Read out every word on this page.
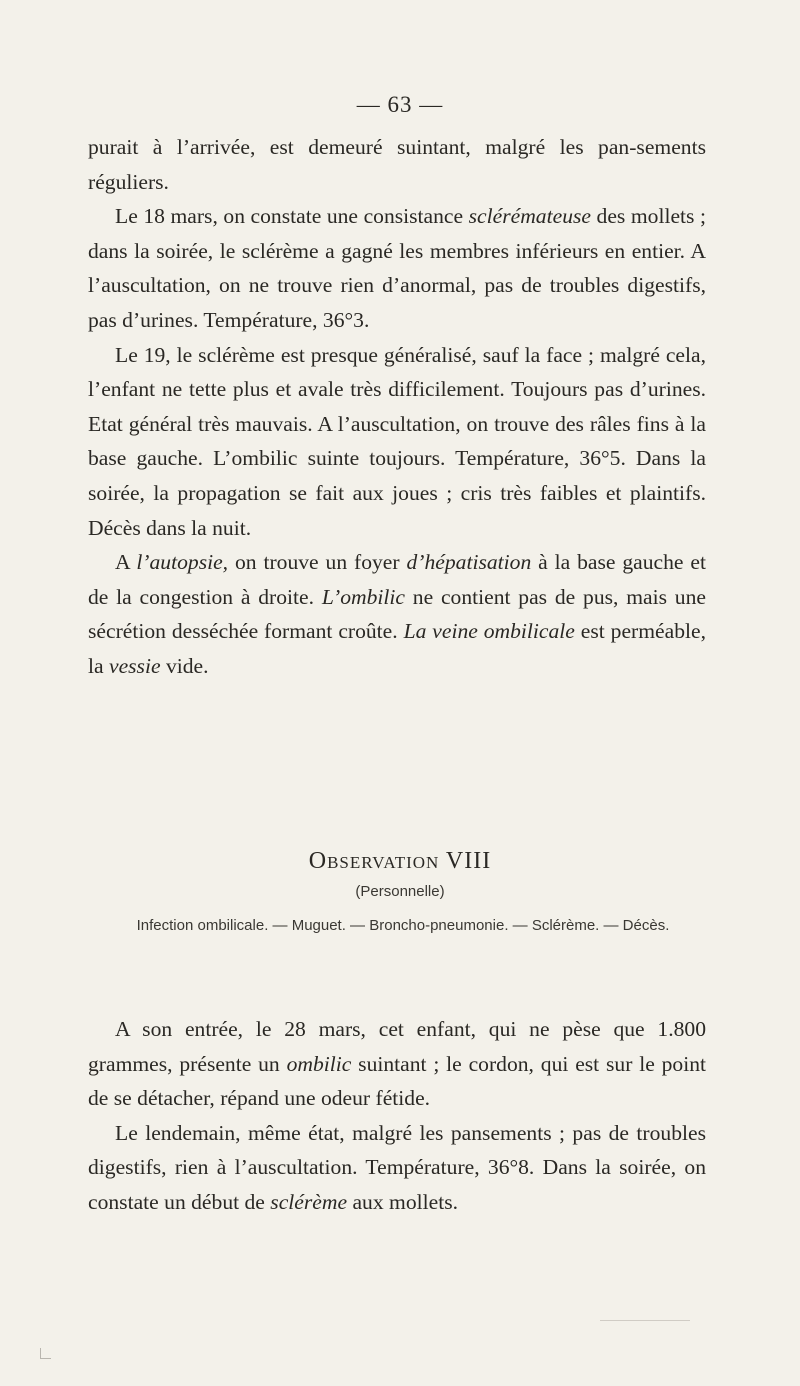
— 63 —

purait à l’arrivée, est demeuré suintant, malgré les pan-sements réguliers.

Le 18 mars, on constate une consistance sclérémateuse des mollets ; dans la soirée, le sclérème a gagné les membres inférieurs en entier. A l’auscultation, on ne trouve rien d’anormal, pas de troubles digestifs, pas d’urines. Température, 36°3.

Le 19, le sclérème est presque généralisé, sauf la face ; malgré cela, l’enfant ne tette plus et avale très difficilement. Toujours pas d’urines. Etat général très mauvais. A l’auscultation, on trouve des râles fins à la base gauche. L’ombilic suinte toujours. Température, 36°5. Dans la soirée, la propagation se fait aux joues ; cris très faibles et plaintifs. Décès dans la nuit.

A l’autopsie, on trouve un foyer d’hépatisation à la base gauche et de la congestion à droite. L’ombilic ne contient pas de pus, mais une sécrétion desséchée formant croûte. La veine ombilicale est perméable, la vessie vide.

Observation VIII
(Personnelle)
Infection ombilicale. — Muguet. — Broncho-pneumonie. — Sclérème. — Décès.

A son entrée, le 28 mars, cet enfant, qui ne pèse que 1.800 grammes, présente un ombilic suintant ; le cordon, qui est sur le point de se détacher, répand une odeur fétide.

Le lendemain, même état, malgré les pansements ; pas de troubles digestifs, rien à l’auscultation. Température, 36°8. Dans la soirée, on constate un début de sclérème aux mollets.
